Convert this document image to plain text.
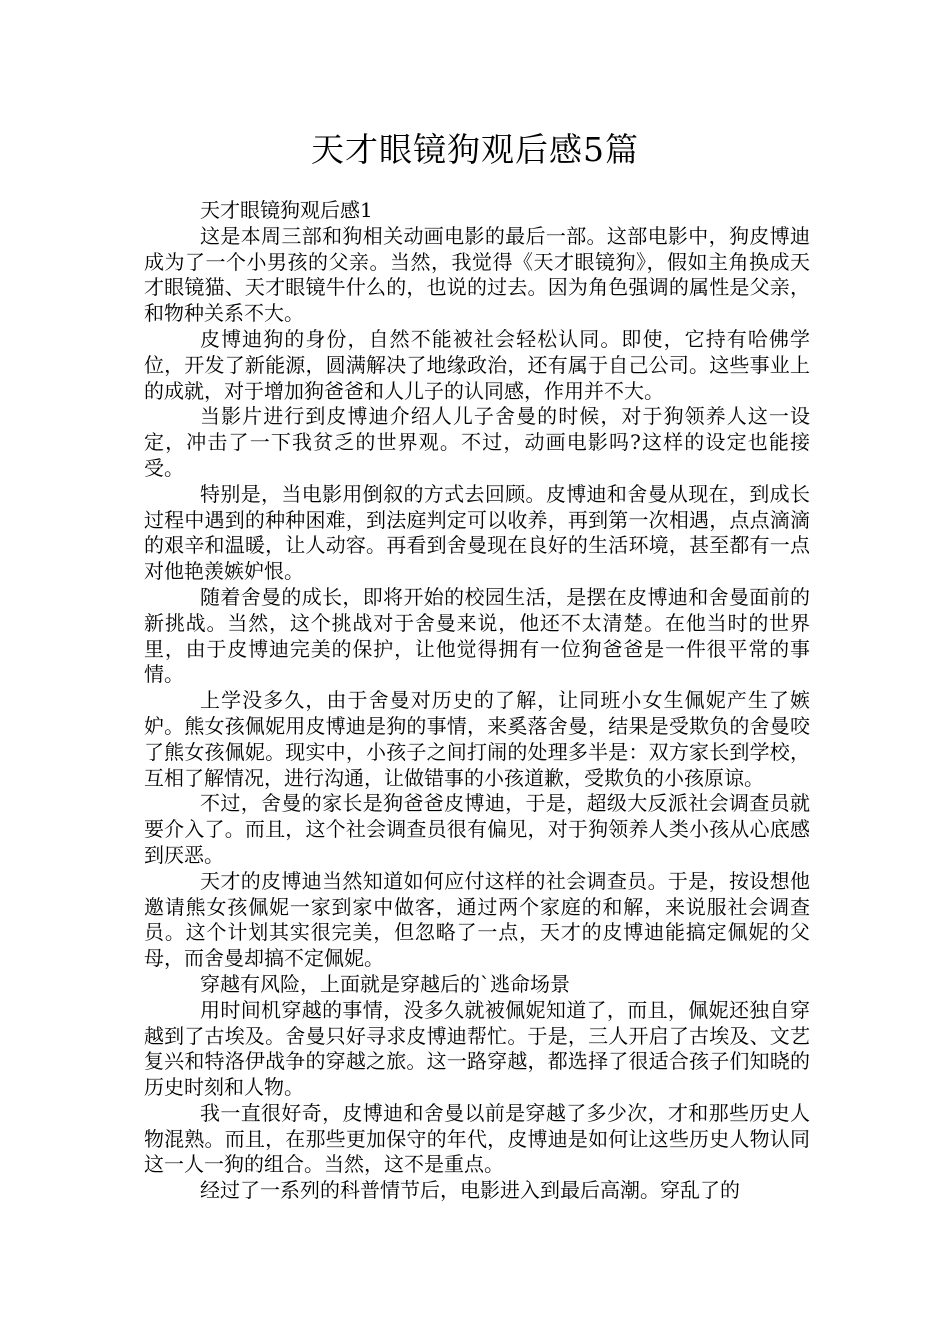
天才眼镜狗观后感5篇

天才眼镜狗观后感1

这是本周三部和狗相关动画电影的最后一部。这部电影中，狗皮博迪成为了一个小男孩的父亲。当然，我觉得《天才眼镜狗》，假如主角换成天才眼镜猫、天才眼镜牛什么的，也说的过去。因为角色强调的属性是父亲，和物种关系不大。

皮博迪狗的身份，自然不能被社会轻松认同。即使，它持有哈佛学位，开发了新能源，圆满解决了地缘政治，还有属于自己公司。这些事业上的成就，对于增加狗爸爸和人儿子的认同感，作用并不大。

当影片进行到皮博迪介绍人儿子舍曼的时候，对于狗领养人这一设定，冲击了一下我贫乏的世界观。不过，动画电影吗?这样的设定也能接受。

特别是，当电影用倒叙的方式去回顾。皮博迪和舍曼从现在，到成长过程中遇到的种种困难，到法庭判定可以收养，再到第一次相遇，点点滴滴的艰辛和温暖，让人动容。再看到舍曼现在良好的生活环境，甚至都有一点对他艳羡嫉妒恨。

随着舍曼的成长，即将开始的校园生活，是摆在皮博迪和舍曼面前的新挑战。当然，这个挑战对于舍曼来说，他还不太清楚。在他当时的世界里，由于皮博迪完美的保护，让他觉得拥有一位狗爸爸是一件很平常的事情。

上学没多久，由于舍曼对历史的了解，让同班小女生佩妮产生了嫉妒。熊女孩佩妮用皮博迪是狗的事情，来奚落舍曼，结果是受欺负的舍曼咬了熊女孩佩妮。现实中，小孩子之间打闹的处理多半是：双方家长到学校，互相了解情况，进行沟通，让做错事的小孩道歉，受欺负的小孩原谅。

不过，舍曼的家长是狗爸爸皮博迪，于是，超级大反派社会调查员就要介入了。而且，这个社会调查员很有偏见，对于狗领养人类小孩从心底感到厌恶。

天才的皮博迪当然知道如何应付这样的社会调查员。于是，按设想他邀请熊女孩佩妮一家到家中做客，通过两个家庭的和解，来说服社会调查员。这个计划其实很完美，但忽略了一点，天才的皮博迪能搞定佩妮的父母，而舍曼却搞不定佩妮。

穿越有风险，上面就是穿越后的`逃命场景

用时间机穿越的事情，没多久就被佩妮知道了，而且，佩妮还独自穿越到了古埃及。舍曼只好寻求皮博迪帮忙。于是，三人开启了古埃及、文艺复兴和特洛伊战争的穿越之旅。这一路穿越，都选择了很适合孩子们知晓的历史时刻和人物。

我一直很好奇，皮博迪和舍曼以前是穿越了多少次，才和那些历史人物混熟。而且，在那些更加保守的年代，皮博迪是如何让这些历史人物认同这一人一狗的组合。当然，这不是重点。

经过了一系列的科普情节后，电影进入到最后高潮。穿乱了的
